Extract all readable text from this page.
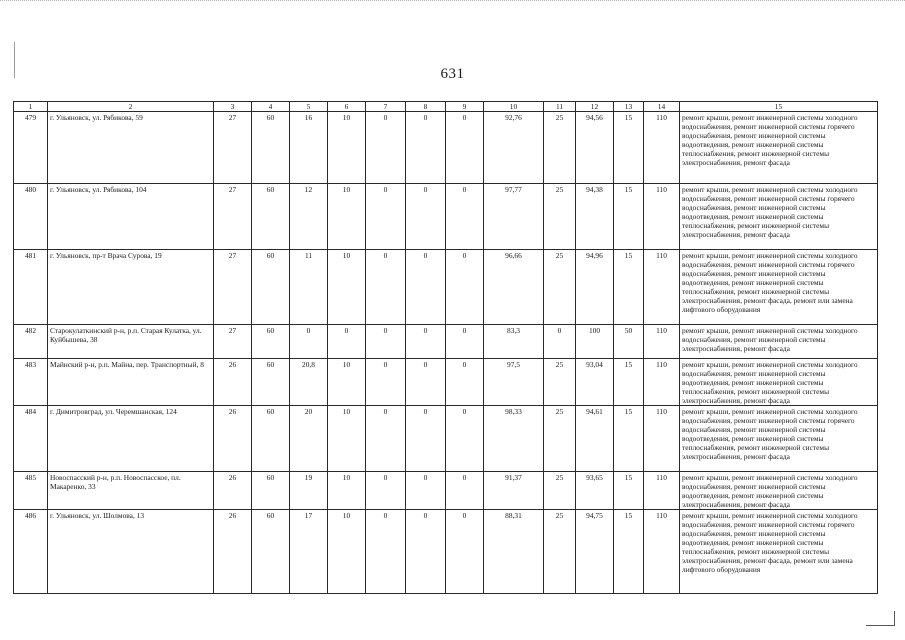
631
1	2	3	4	5	6	7	8	9	10	11	12	13	14	15
479	г. Ульяновск, ул. Рябикова, 59	27	60	16	10	0	0	0	92,76	25	94,56	15	110	ремонт крыши, ремонт инженерной системы холодного водоснабжения, ремонт инженерной системы горячего водоснабжения, ремонт инженерной системы водоотведения, ремонт инженерной системы теплоснабжения, ремонт инженерной системы электроснабжения, ремонт фасада
480	г. Ульяновск, ул. Рябикова, 104	27	60	12	10	0	0	0	97,77	25	94,38	15	110	ремонт крыши, ремонт инженерной системы холодного водоснабжения, ремонт инженерной системы горячего водоснабжения, ремонт инженерной системы водоотведения, ремонт инженерной системы теплоснабжения, ремонт инженерной системы электроснабжения, ремонт фасада
481	г. Ульяновск, пр-т Врача Сурова, 19	27	60	11	10	0	0	0	96,66	25	94,96	15	110	ремонт крыши, ремонт инженерной системы холодного водоснабжения, ремонт инженерной системы горячего водоснабжения, ремонт инженерной системы водоотведения, ремонт инженерной системы теплоснабжения, ремонт инженерной системы электроснабжения, ремонт фасада, ремонт или замена лифтового оборудования
482	Старокулаткинский р-н, р.п. Старая Кулатка, ул. Куйбышева, 38	27	60	0	0	0	0	0	83,3	0	100	50	110	ремонт крыши, ремонт инженерной системы холодного водоснабжения, ремонт инженерной системы электроснабжения, ремонт фасада
483	Майнский р-н, р.п. Майна, пер. Транспортный, 8	26	60	20,8	10	0	0	0	97,5	25	93,04	15	110	ремонт крыши, ремонт инженерной системы холодного водоснабжения, ремонт инженерной системы водоотведения, ремонт инженерной системы теплоснабжения, ремонт инженерной системы электроснабжения, ремонт фасада
484	г. Димитровград, ул. Черемшанская, 124	26	60	20	10	0	0	0	98,33	25	94,61	15	110	ремонт крыши, ремонт инженерной системы холодного водоснабжения, ремонт инженерной системы горячего водоснабжения, ремонт инженерной системы водоотведения, ремонт инженерной системы теплоснабжения, ремонт инженерной системы электроснабжения, ремонт фасада
485	Новоспасский р-н, р.п. Новоспасское, пл. Макаренко, 33	26	60	19	10	0	0	0	91,37	25	93,65	15	110	ремонт крыши, ремонт инженерной системы холодного водоснабжения, ремонт инженерной системы водоотведения, ремонт инженерной системы электроснабжения, ремонт фасада
486	г. Ульяновск, ул. Шолмова, 13	26	60	17	10	0	0	0	88,31	25	94,75	15	110	ремонт крыши, ремонт инженерной системы холодного водоснабжения, ремонт инженерной системы горячего водоснабжения, ремонт инженерной системы водоотведения, ремонт инженерной системы теплоснабжения, ремонт инженерной системы электроснабжения, ремонт фасада, ремонт или замена лифтового оборудования
